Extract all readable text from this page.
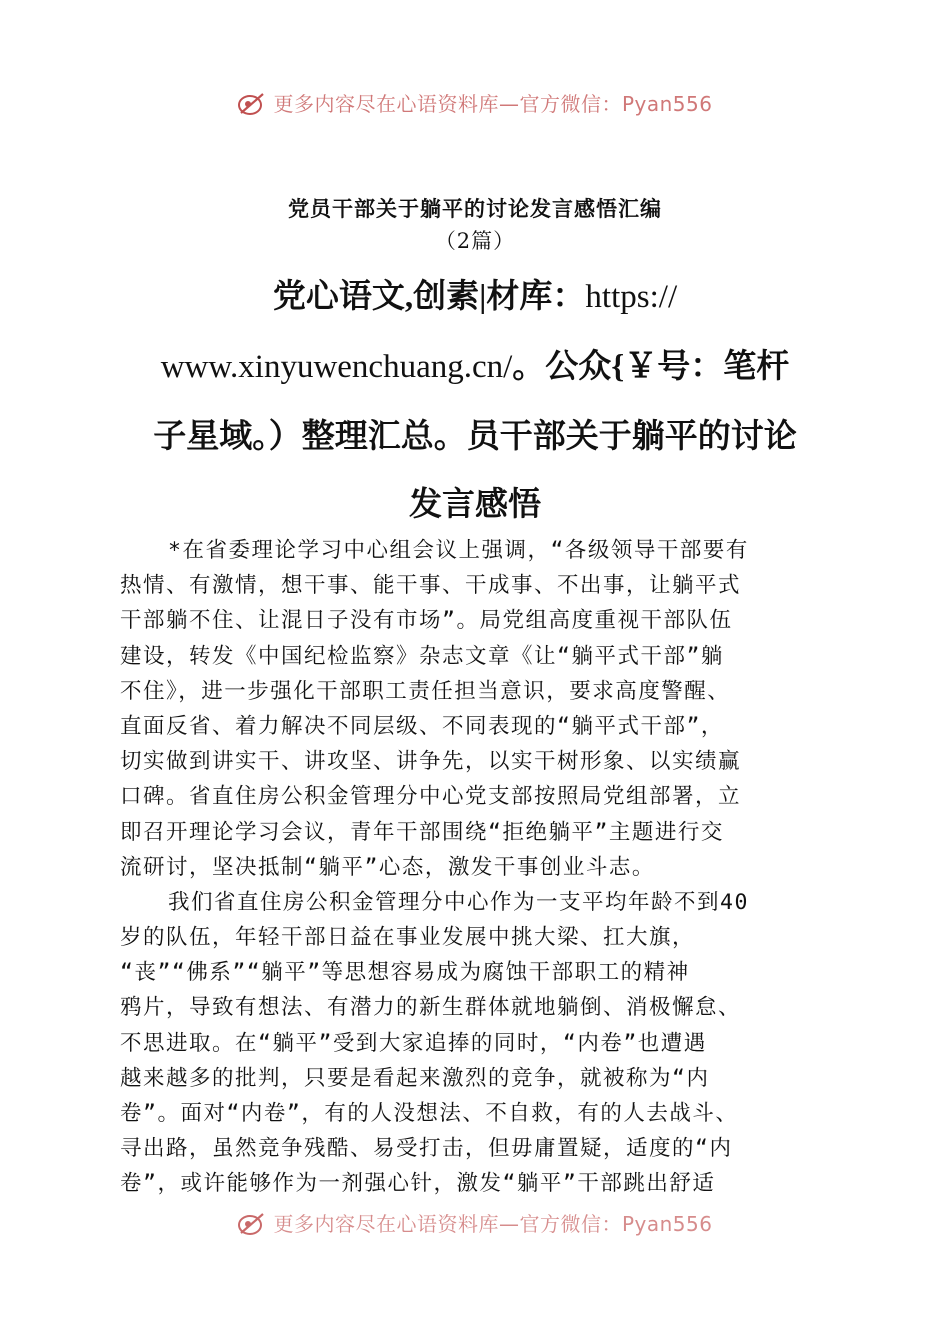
更多内容尽在心语资料库—官方微信：Pyan556
党员干部关于躺平的讨论发言感悟汇编
（2篇）
党心语文,创素|材库：https://
www.xinyuwenchuang.cn/。公众{￥号：笔杆
子星域。）整理汇总。员干部关于躺平的讨论
发言感悟
*在省委理论学习中心组会议上强调，“各级领导干部要有
热情、有激情，想干事、能干事、干成事、不出事，让躺平式
干部躺不住、让混日子没有市场”。局党组高度重视干部队伍
建设，转发《中国纪检监察》杂志文章《让“躺平式干部”躺
不住》，进一步强化干部职工责任担当意识，要求高度警醒、
直面反省、着力解决不同层级、不同表现的“躺平式干部”，
切实做到讲实干、讲攻坚、讲争先，以实干树形象、以实绩赢
口碑。省直住房公积金管理分中心党支部按照局党组部署，立
即召开理论学习会议，青年干部围绕“拒绝躺平”主题进行交
流研讨，坚决抵制“躺平”心态，激发干事创业斗志。
我们省直住房公积金管理分中心作为一支平均年龄不到40
岁的队伍，年轻干部日益在事业发展中挑大梁、扛大旗，
“丧”“佛系”“躺平”等思想容易成为腐蚀干部职工的精神
鸦片，导致有想法、有潜力的新生群体就地躺倒、消极懈怠、
不思进取。在“躺平”受到大家追捧的同时，“内卷”也遭遇
越来越多的批判，只要是看起来激烈的竞争，就被称为“内
卷”。面对“内卷”，有的人没想法、不自救，有的人去战斗、
寻出路，虽然竞争残酷、易受打击，但毋庸置疑，适度的“内
卷”，或许能够作为一剂强心针，激发“躺平”干部跳出舒适
更多内容尽在心语资料库—官方微信：Pyan556
